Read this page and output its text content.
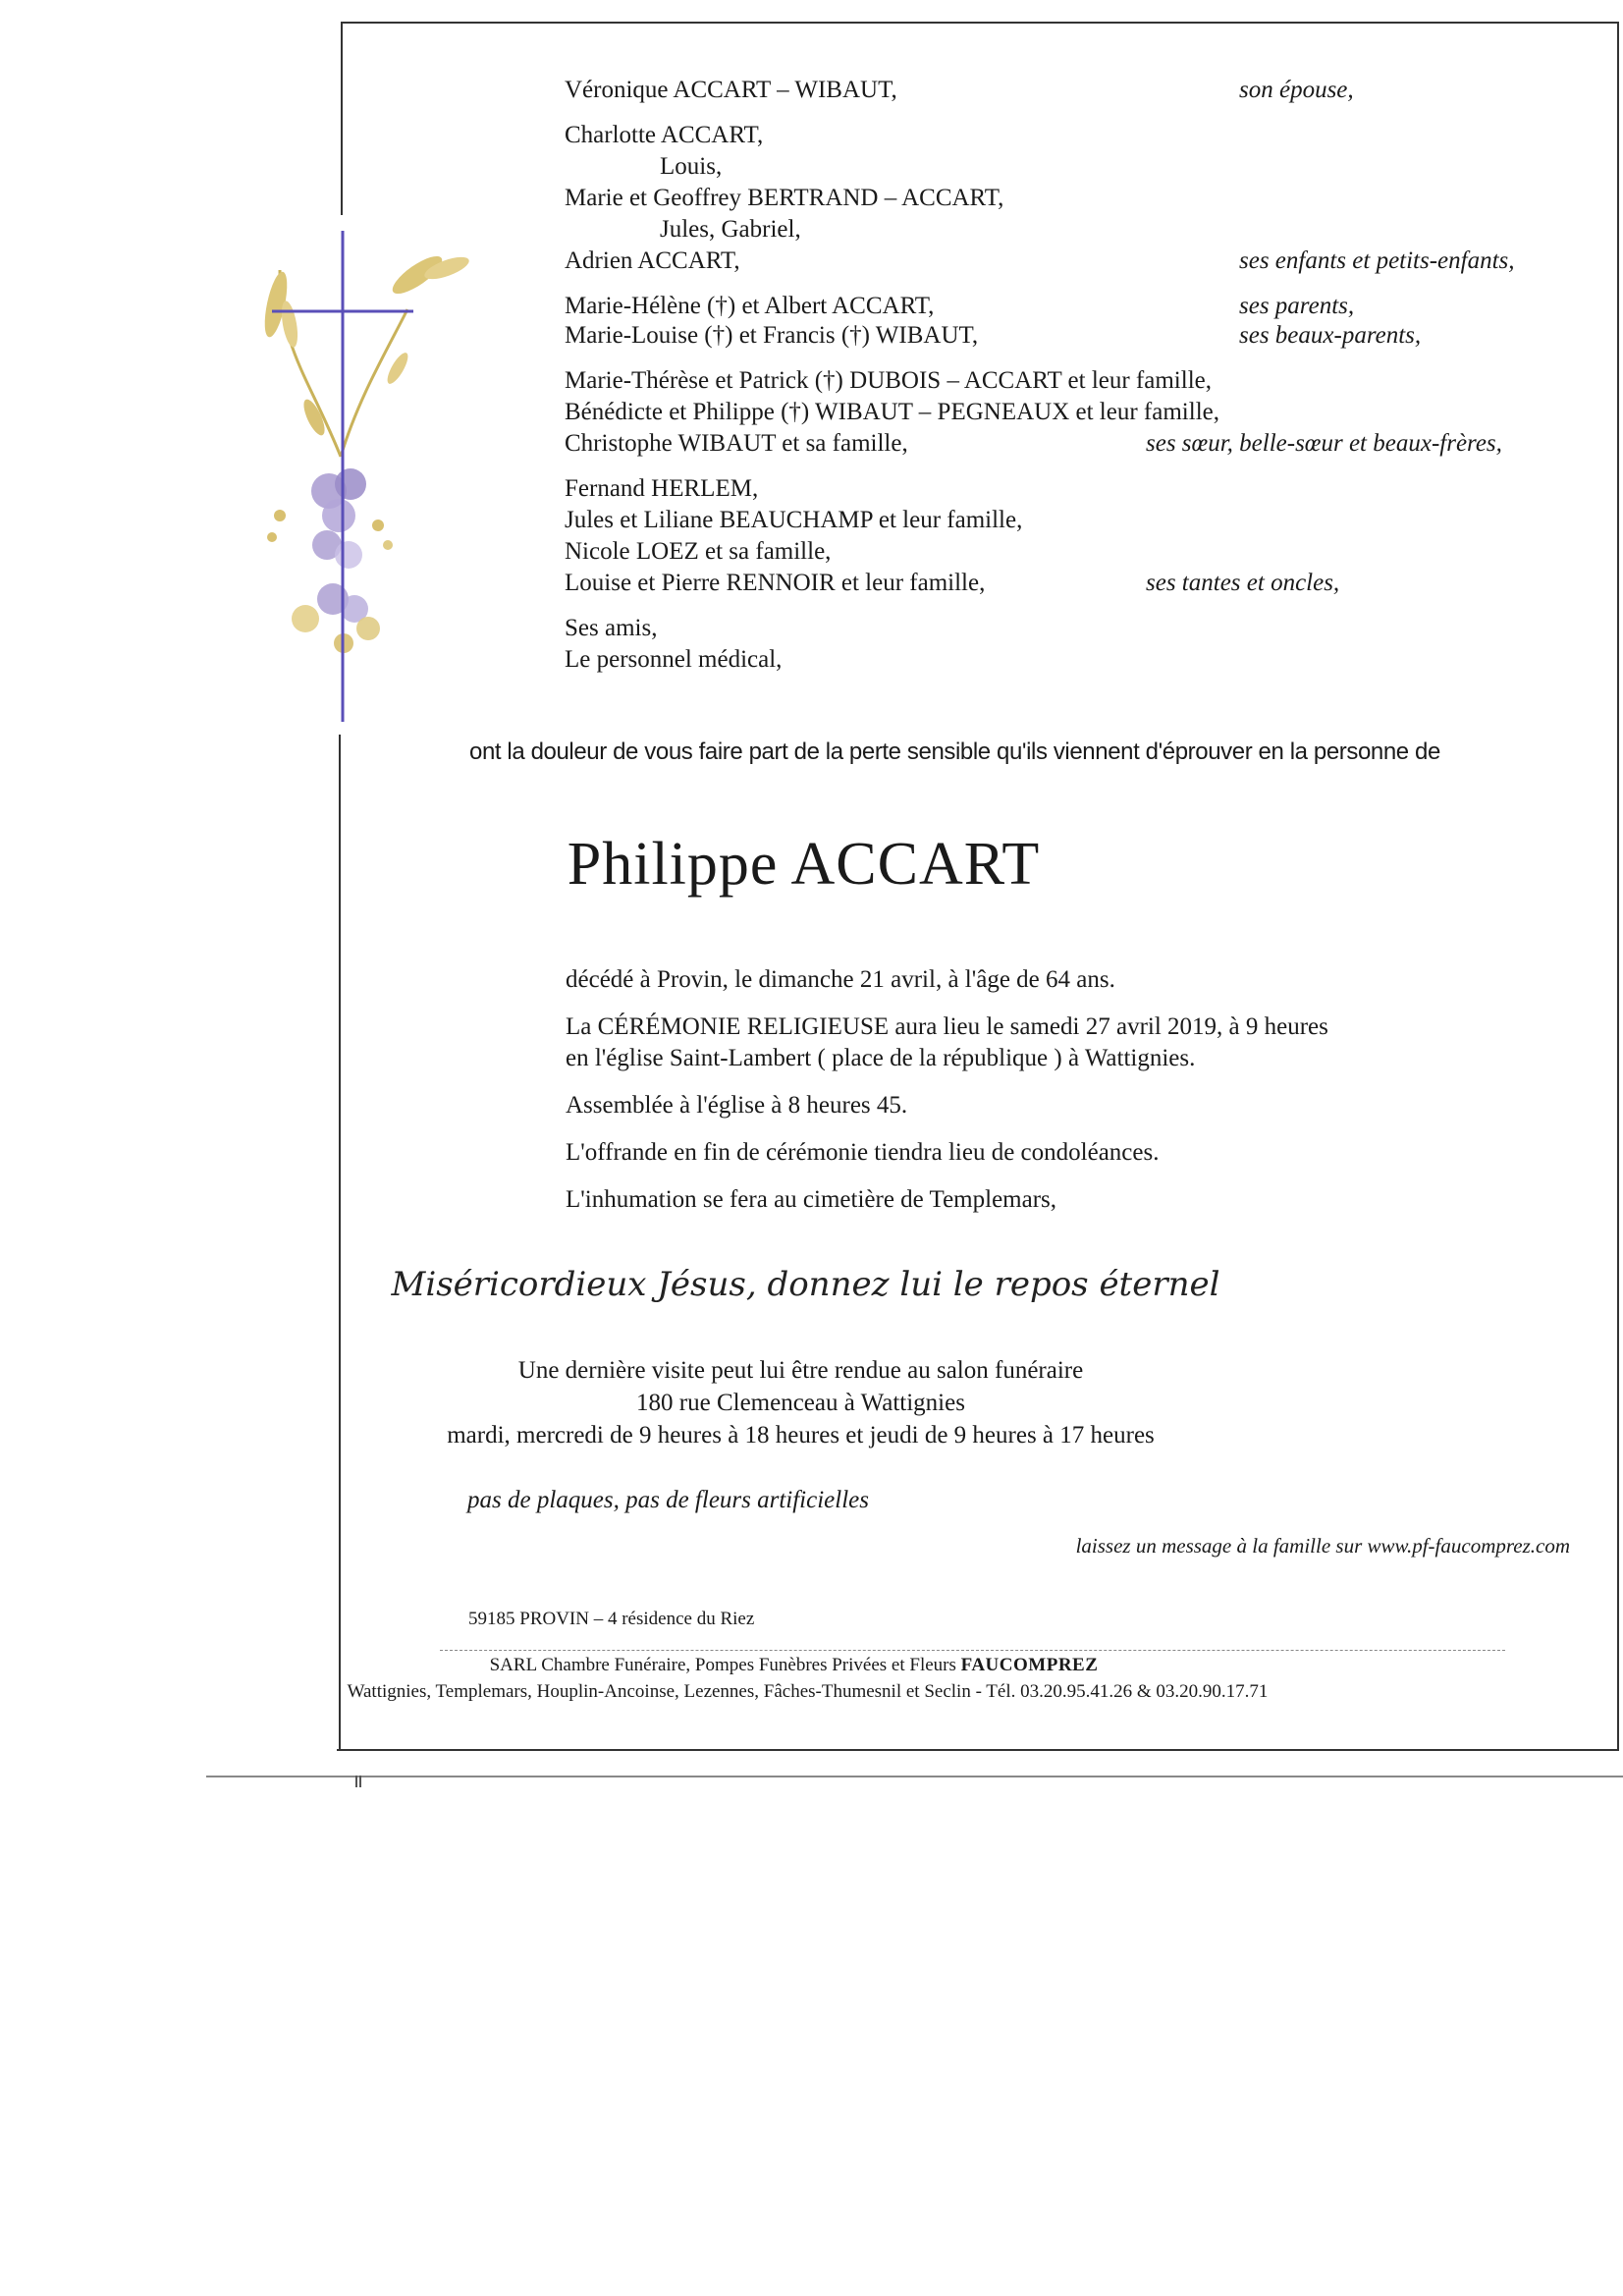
Véronique ACCART – WIBAUT,
Charlotte ACCART,
Louis,
Marie et Geoffrey BERTRAND – ACCART,
Jules, Gabriel,
Adrien ACCART,
Marie-Hélène (†) et Albert ACCART,
Marie-Louise (†) et Francis (†) WIBAUT,
Marie-Thérèse et Patrick (†) DUBOIS – ACCART et leur famille,
Bénédicte et Philippe (†) WIBAUT – PEGNEAUX et leur famille,
Christophe WIBAUT et sa famille,
Fernand HERLEM,
Jules et Liliane BEAUCHAMP et leur famille,
Nicole LOEZ et sa famille,
Louise et Pierre RENNOIR et leur famille,
Ses amis,
Le personnel médical,
son épouse,
ses enfants et petits-enfants,
ses parents,
ses beaux-parents,
ses sœur, belle-sœur et beaux-frères,
ses tantes et oncles,
ont la douleur de vous faire part de la perte sensible qu'ils viennent d'éprouver en la personne de
Philippe ACCART
décédé à Provin, le dimanche 21 avril, à l'âge de 64 ans.
La CÉRÉMONIE RELIGIEUSE aura lieu le samedi 27 avril 2019, à 9 heures
en l'église Saint-Lambert ( place de la république ) à Wattignies.
Assemblée à l'église à 8 heures 45.
L'offrande en fin de cérémonie tiendra lieu de condoléances.
L'inhumation se fera au cimetière de Templemars,
Miséricordieux Jésus, donnez lui le repos éternel
Une dernière visite peut lui être rendue au salon funéraire
180 rue Clemenceau à Wattignies
mardi, mercredi de 9 heures à 18 heures et jeudi de 9 heures à 17 heures
pas de plaques, pas de fleurs artificielles
laissez un message à la famille sur www.pf-faucomprez.com
59185 PROVIN – 4 résidence du Riez
SARL Chambre Funéraire, Pompes Funèbres Privées et Fleurs FAUCOMPREZ
Wattignies, Templemars, Houplin-Ancoinse, Lezennes, Fâches-Thumesnil et Seclin - Tél. 03.20.95.41.26 & 03.20.90.17.71
